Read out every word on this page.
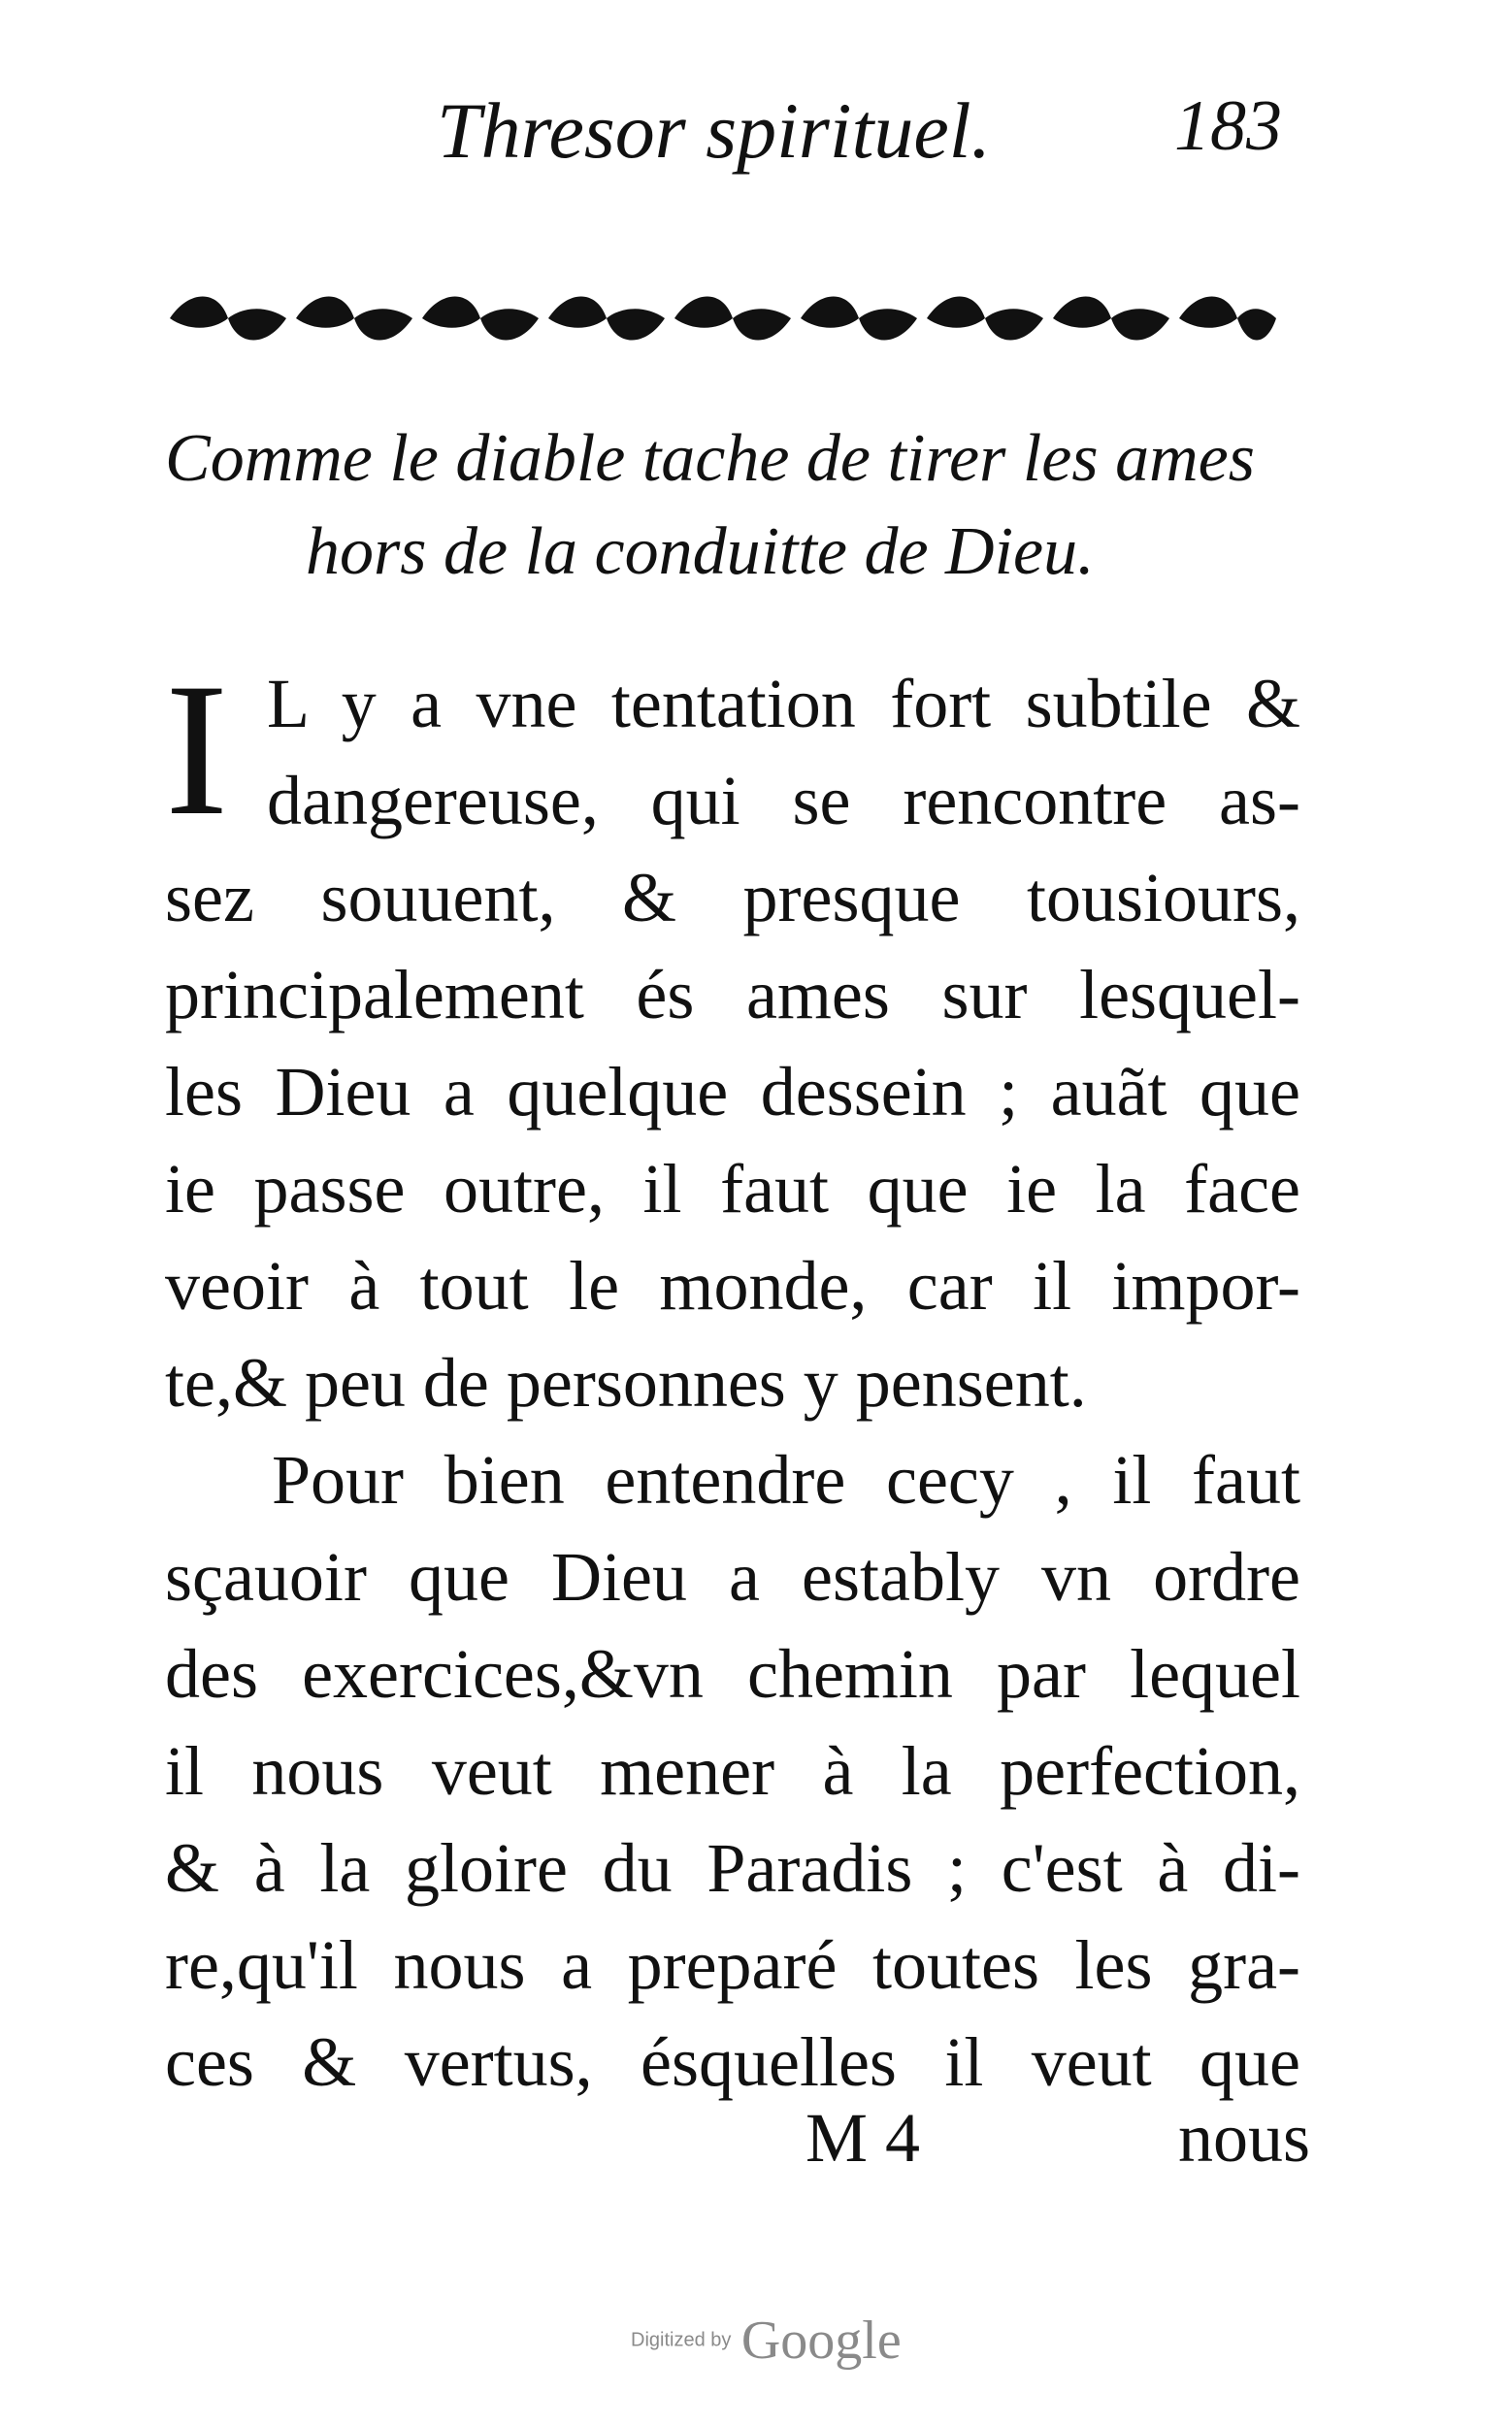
Thresor spirituel.	183
Comme le diable tache de tirer les ames
hors de la conduitte de Dieu.
I L y a vne tentation fort subtile &
dangereuse, qui se rencontre as-
sez souuent, & presque tousiours,
principalement és ames sur lesquel-
les Dieu a quelque dessein ; auãt que
ie passe outre, il faut que ie la face
veoir à tout le monde, car il impor-
te,& peu de personnes y pensent.
Pour bien entendre cecy , il faut
sçauoir que Dieu a estably vn ordre
des exercices,&vn chemin par lequel
il nous veut mener à la perfection,
& à la gloire du Paradis ; c'est à di-
re,qu'il nous a preparé toutes les gra-
ces & vertus, ésquelles il veut que
M 4	nous
Digitized by Google
